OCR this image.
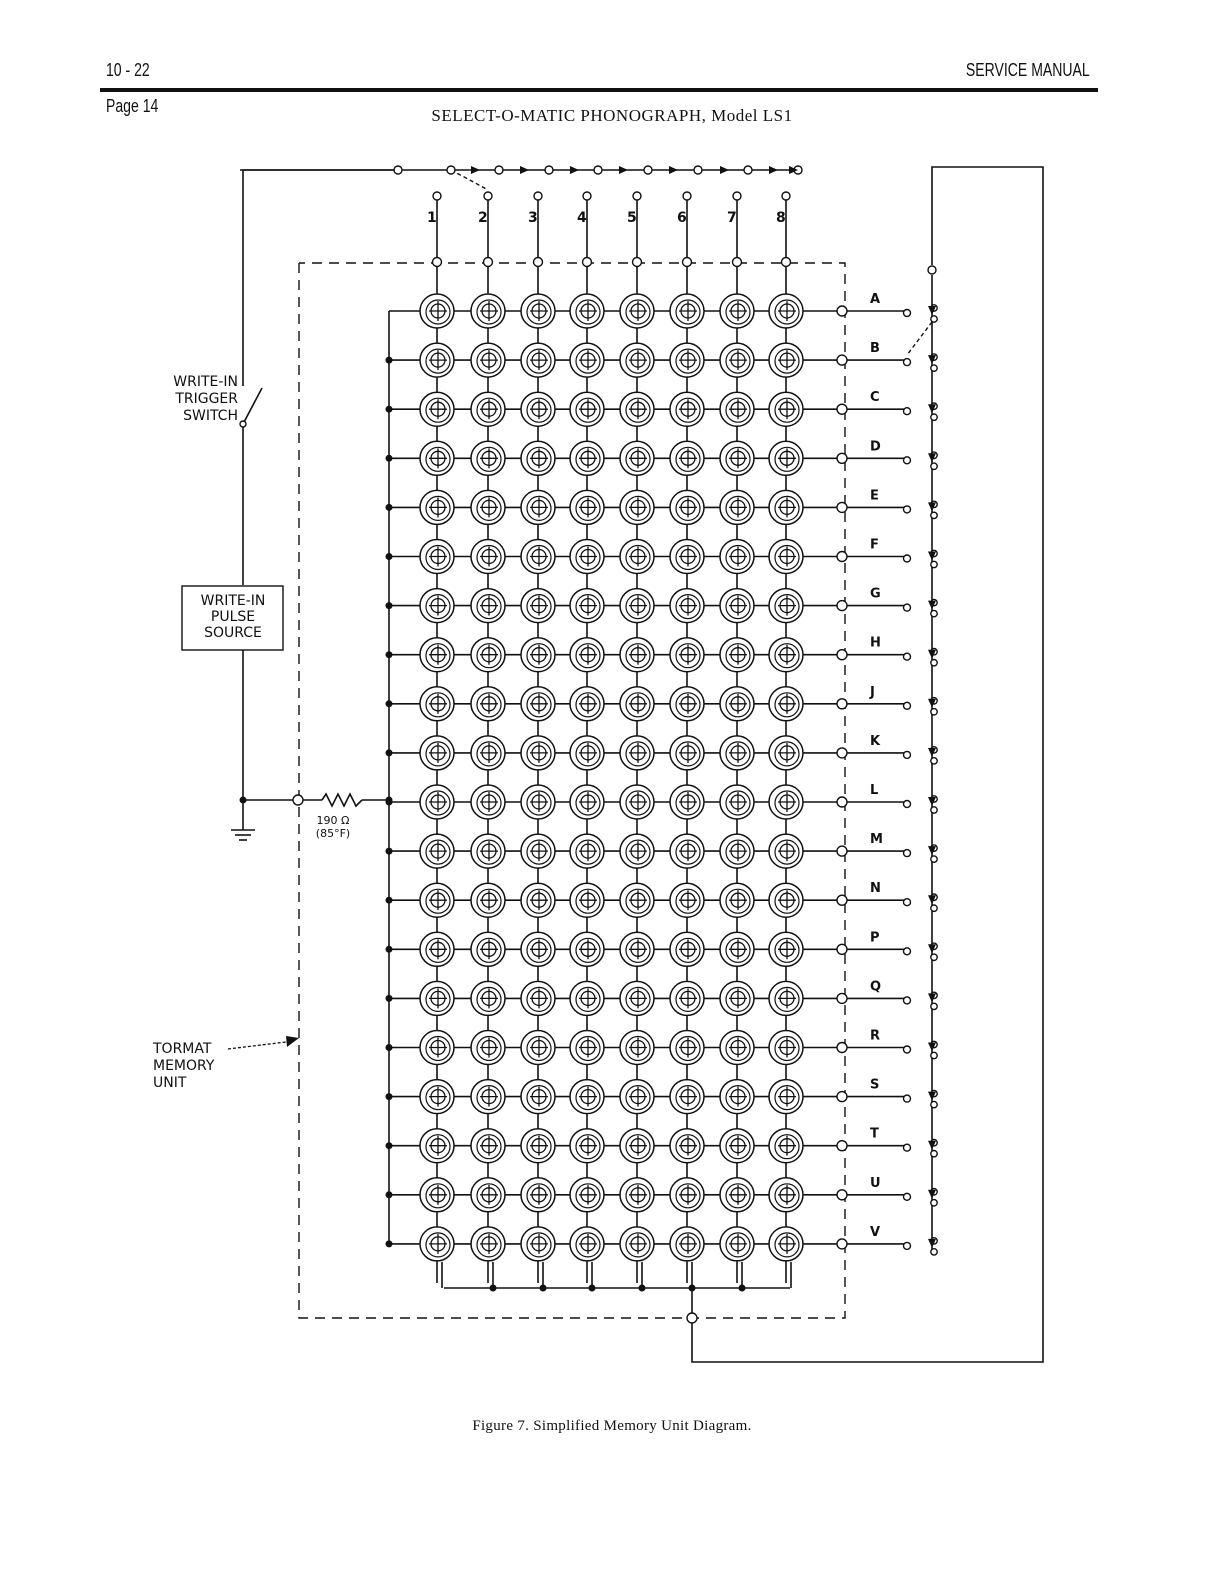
10 - 22
Page 14
SERVICE MANUAL
SELECT-O-MATIC PHONOGRAPH, Model LS1
1	2	3	4	5	6	7	8
A
B
C
D
E
F
G
H
J
K
L
M
N
P
Q
R
S
T
U
V
WRITE-IN
TRIGGER
SWITCH
WRITE-IN
PULSE
SOURCE
TORMAT
MEMORY
UNIT
190 Ω
(85°F)
Figure 7. Simplified Memory Unit Diagram.
